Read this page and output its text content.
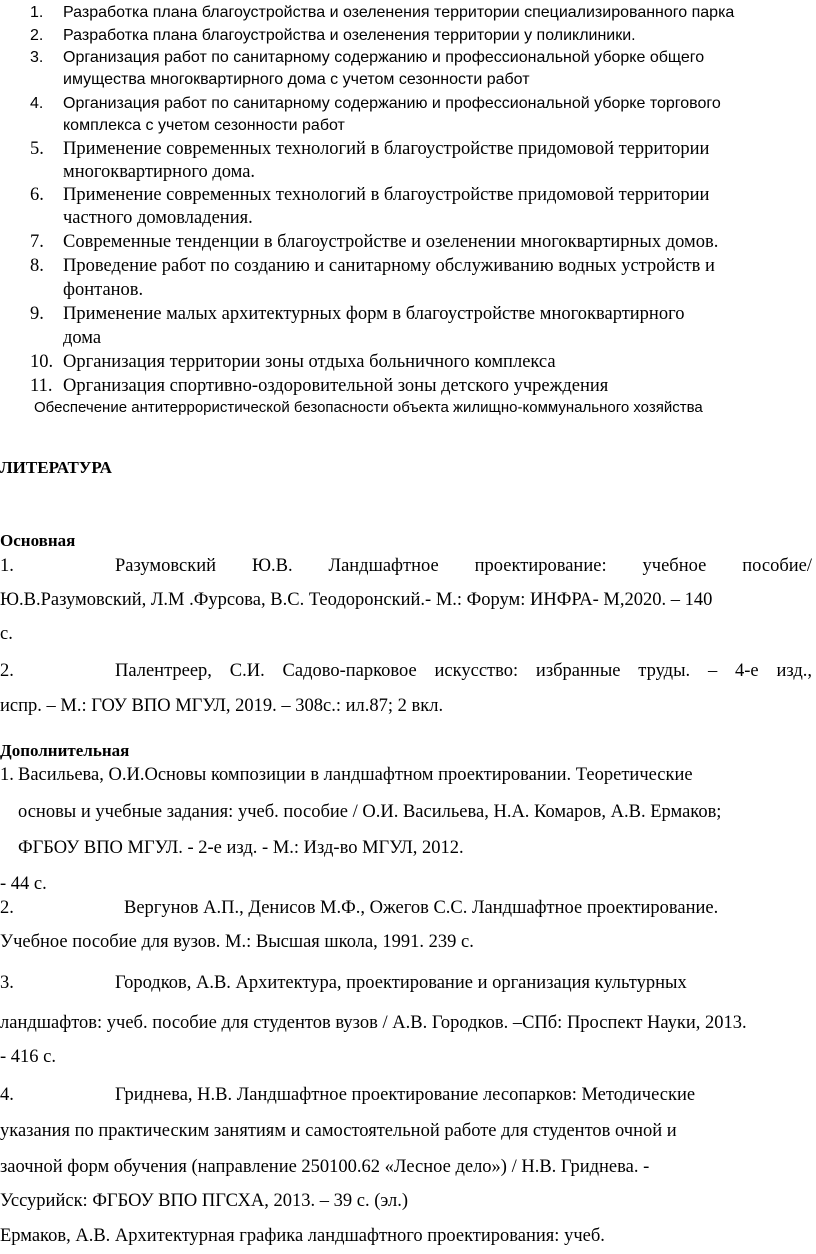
1. Разработка плана благоустройства и озеленения территории специализированного парка
2. Разработка плана благоустройства и озеленения территории у поликлиники.
3. Организация работ по санитарному содержанию и профессиональной уборке общего
имущества многоквартирного дома с учетом сезонности работ
4. Организация работ по санитарному содержанию и профессиональной уборке торгового
комплекса с учетом сезонности работ
5. Применение современных технологий в благоустройстве придомовой территории
многоквартирного дома.
6. Применение современных технологий в благоустройстве придомовой территории
частного домовладения.
7. Современные тенденции в благоустройстве и озеленении многоквартирных домов.
8. Проведение работ по созданию и санитарному обслуживанию водных устройств и
фонтанов.
9. Применение малых архитектурных форм в благоустройстве многоквартирного
дома
10. Организация территории зоны отдыха больничного комплекса
11. Организация спортивно-оздоровительной зоны детского учреждения
Обеспечение антитеррористической безопасности объекта жилищно-коммунального хозяйства
ЛИТЕРАТУРА
Основная
1.	Разумовский Ю.В. Ландшафтное проектирование: учебное пособие/
Ю.В.Разумовский, Л.М .Фурсова, В.С. Теодоронский.- М.: Форум: ИНФРА- М,2020. – 140
с.
2.	Палентреер, С.И. Садово-парковое искусство: избранные труды. – 4-е изд.,
испр. – М.: ГОУ ВПО МГУЛ, 2019. – 308с.: ил.87; 2 вкл.
Дополнительная
1. Васильева, О.И.Основы композиции в ландшафтном проектировании. Теоретические
основы и учебные задания: учеб. пособие / О.И. Васильева, Н.А. Комаров, А.В. Ермаков;
ФГБОУ ВПО МГУЛ. - 2-е изд. - М.: Изд-во МГУЛ, 2012.
- 44 с.
2.	Вергунов А.П., Денисов М.Ф., Ожегов С.С. Ландшафтное проектирование.
Учебное пособие для вузов. М.: Высшая школа, 1991. 239 с.
3.	Городков, А.В. Архитектура, проектирование и организация культурных
ландшафтов: учеб. пособие для студентов вузов / А.В. Городков. –СПб: Проспект Науки, 2013.
- 416 с.
4.	Гриднева, Н.В. Ландшафтное проектирование лесопарков: Методические
указания по практическим занятиям и самостоятельной работе для студентов очной и
заочной форм обучения (направление 250100.62 «Лесное дело») / Н.В. Гриднева. -
Уссурийск: ФГБОУ ВПО ПГСХА, 2013. – 39 с. (эл.)
Ермаков, А.В. Архитектурная графика ландшафтного проектирования: учеб.
